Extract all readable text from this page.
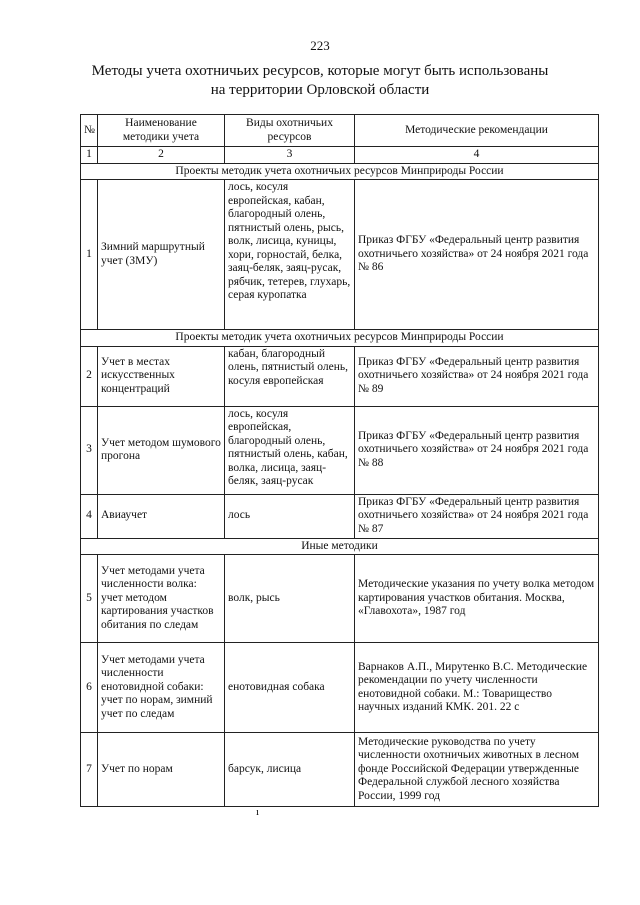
223
Методы учета охотничьих ресурсов, которые могут быть использованы
на территории Орловской области
№	Наименование методики учета	Виды охотничьих ресурсов	Методические рекомендации
1	2	3	4
Проекты методик учета охотничьих ресурсов Минприроды России			
1	Зимний маршрутный учет (ЗМУ)	лось, косуля европейская, кабан, благородный олень, пятнистый олень, рысь, волк, лисица, куницы, хори, горностай, белка, заяц-беляк, заяц-русак, рябчик, тетерев, глухарь, серая куропатка	Приказ ФГБУ «Федеральный центр развития охотничьего хозяйства» от 24 ноября 2021 года № 86
Проекты методик учета охотничьих ресурсов Минприроды России			
2	Учет в местах искусственных концентраций	кабан, благородный олень, пятнистый олень, косуля европейская	Приказ ФГБУ «Федеральный центр развития охотничьего хозяйства» от 24 ноября 2021 года № 89
3	Учет методом шумового прогона	лось, косуля европейская, благородный олень, пятнистый олень, кабан, волка, лисица, заяц-беляк, заяц-русак	Приказ ФГБУ «Федеральный центр развития охотничьего хозяйства» от 24 ноября 2021 года № 88
4	Авиаучет	лось	Приказ ФГБУ «Федеральный центр развития охотничьего хозяйства» от 24 ноября 2021 года № 87
Иные методики			
5	Учет методами учета численности волка: учет методом картирования участков обитания по следам	волк, рысь	Методические указания по учету волка методом картирования участков обитания. Москва, «Главохота», 1987 год
6	Учет методами учета численности енотовидной собаки: учет по норам, зимний учет по следам	енотовидная собака	Варнаков А.П., Мирутенко В.С. Методические рекомендации по учету численности енотовидной собаки. М.: Товарищество научных изданий КМК. 201. 22 с
7	Учет по норам	барсук, лисица	Методические руководства по учету численности охотничьих животных в лесном фонде Российской Федерации утвержденные Федеральной службой лесного хозяйства России, 1999 год
ı
